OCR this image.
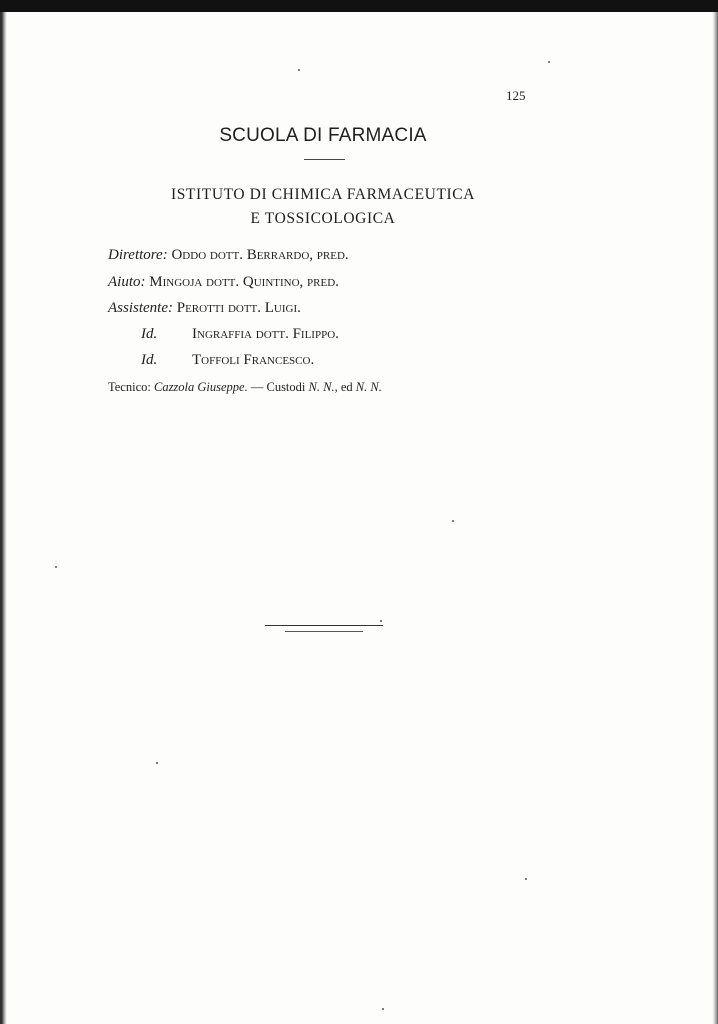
125
SCUOLA DI FARMACIA
ISTITUTO DI CHIMICA FARMACEUTICA
E TOSSICOLOGICA
Direttore: Oddo dott. Berrardo, pred.
Aiuto: Mingoja dott. Quintino, pred.
Assistente: Perotti dott. Luigi.
Id. Ingraffia dott. Filippo.
Id. Toffoli Francesco.
Tecnico: Cazzola Giuseppe. — Custodi N. N., ed N. N.
